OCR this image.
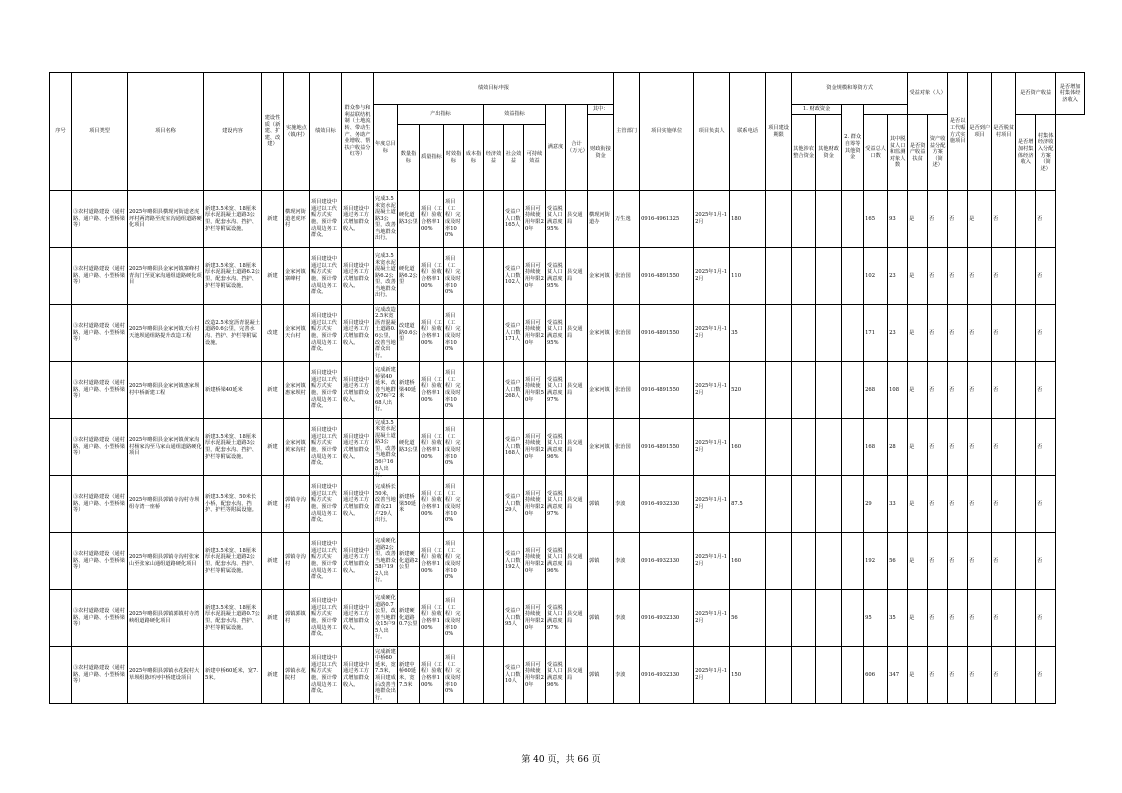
序号	项目类型	项目名称	建设内容	建设性质（新建、扩建、改建）	实施地点（镇/村）	绩效目标	群众参与和利益联结机制（土地流转、带动生产、务助产业增收、帮扶户收益分红等）	绩效目标申报											主管部门	项目实施单位	项目负责人	联系电话	项目建设期限	资金规模和筹资方式					受益对象（人）		是否以工代赈方式实施项目	是否到户项目	是否脱贫村项目	是否资产收益		是否增加村集体经济收入
								年度总目标	产出指标				效益指标			满意度	合计（万元）	其中：						1. 财政资金		2. 群众自筹等其他资金										
																		财政衔接资金						其他涉农整合资金	其他财政资金		受益总人口数	其中脱贫人口和监测对象人数	是否资产收益扶贫	资产收益分配方案（简述）				是否增加村集体经济收入	村集体经济收入分配方案（简述）	
									数量指标	质量指标	时效指标	成本指标	经济效益	社会效益	可持续效益																					

	③农村道路建设（通村路、通户路、小型桥梁等）	2025年略阳县横现河街道老虎坪村两湾路至虎室沟通组道路硬化项目	新建3.5米宽、18厘米厚水泥混凝土道路3公里，配套水沟、挡护、护栏等附属设施。	新建	横现河街道老虎坪村	项目建设中通过以工代赈方式实施，预计带动周边务工群众。	项目建设中通过务工方式增加群众收入。	完成3.5米宽水泥混凝土道路3公里，改善当地群众出行。	硬化道路3公里	项目（工程）验收合格率100%	项目（工程）完成及时率100%			受益户人口数165人	项目可持续使用年限20年	受益脱贫人口满意度95%	县交通局	横现河街道办	万生逸	0916-4961325	2025年1月-12月	180					165	93	是	否	否	是	否		否	

	③农村道路建设（通村路、通户路、小型桥梁等）	2025年略阳县金家河镇寨峰村青沟门至夏家沟通组道路硬化项目	新建3.5米宽、18厘米厚水泥混凝土道路6.2公里，配套水沟、挡护、护栏等附属设施。	新建	金家河镇寨峰村	项目建设中通过以工代赈方式实施，预计带动周边务工群众。	项目建设中通过务工方式增加群众收入。	完成3.5米宽水泥混凝土道路6.2公里，改善当地群众出行。	硬化道路6.2公里	项目（工程）验收合格率100%	项目（工程）完成及时率100%			受益户人口数102人	项目可持续使用年限20年	受益脱贫人口满意度95%	县交通局	金家河镇	张治国	0916-4891550	2025年1月-12月	110					102	23	是	否	否	否	否		否	

	③农村道路建设（通村路、通户路、小型桥梁等）	2025年略阳县金家河镇天台村天池坝通组路提升改造工程	改造2.5米宽沥青混凝土道路0.6公里，完善水沟、挡护、护栏等附属设施。	改建	金家河镇天台村	项目建设中通过以工代赈方式实施，预计带动周边务工群众。	项目建设中通过务工方式增加群众收入。	完成改造2.5米宽沥青混凝土道路0.6公里，改善当地群众出行。	改建道路0.6公里	项目（工程）验收合格率100%	项目（工程）完成及时率100%			受益户人口数171人	项目可持续使用年限20年	受益脱贫人口满意度95%	县交通局	金家河镇	张治国	0916-4891550	2025年1月-12月	35					171	23	是	否	否	否	否		否	

	③农村道路建设（通村路、通户路、小型桥梁等）	2025年略阳县金家河镇惠家坝村中桥新建工程	新建桥梁40延米	新建	金家河镇惠家坝村	项目建设中通过以工代赈方式实施，预计带动周边务工群众。	项目建设中通过务工方式增加群众收入。	完成新建桥梁40延米，改善当地群众76户268人出行。	新建桥梁40延米	项目（工程）验收合格率100%	项目（工程）完成及时率100%			受益户人口数268人	项目可持续使用年限50年	受益脱贫人口满意度97%	县交通局	金家河镇	张治国	0916-4891550	2025年1月-12月	520					268	108	是	否	否	否	否		否	

	③农村道路建设（通村路、通户路、小型桥梁等）	2025年略阳县金家河镇黄家沟村杨家沟至马家山通组道路硬化项目	新建3.5米宽、18厘米厚水泥混凝土道路3公里，配套水沟、挡护、护栏等附属设施。	新建	金家河镇黄家沟村	项目建设中通过以工代赈方式实施，预计带动周边务工群众。	项目建设中通过务工方式增加群众收入。	完成3.5米宽水泥混凝土道路3公里，改善当地群众56户168人出行。	硬化道路3公里	项目（工程）验收合格率100%	项目（工程）完成及时率100%			受益户人口数168人	项目可持续使用年限20年	受益脱贫人口满意度96%	县交通局	金家河镇	张治国	0916-4891550	2025年1月-12月	160					168	28	是	否	否	否	否		否	

	③农村道路建设（通村路、通户路、小型桥梁等）	2025年略阳县郭镇寺沟村寺坝组寺湾一座桥	新建3.5米宽、50米长小桥，配套水沟、挡护、护栏等附属设施。	新建	郭镇寺沟村	项目建设中通过以工代赈方式实施，预计带动周边务工群众。	项目建设中通过务工方式增加群众收入。	完成桥长50米，改善当地群众21户29人出行。	新建桥梁50延米	项目（工程）验收合格率100%	项目（工程）完成及时率100%			受益户人口数29人	项目可持续使用年限20年	受益脱贫人口满意度97%	县交通局	郭镇	李波	0916-4932330	2025年1月-12月	87.5					29	33	是	否	否	否	否		否	

	③农村道路建设（通村路、通户路、小型桥梁等）	2025年略阳县郭镇寺沟村张家山至张家山通组道路硬化项目	新建3.5米宽、18厘米厚水泥混凝土道路2公里，配套水沟、挡护、护栏等附属设施。	新建	郭镇寺沟村	项目建设中通过以工代赈方式实施，预计带动周边务工群众。	项目建设中通过务工方式增加群众收入。	完成硬化道路2公里，改善当地群众58户192人出行。	新建硬化道路2公里	项目（工程）验收合格率100%	项目（工程）完成及时率100%			受益户人口数192人	项目可持续使用年限20年	受益脱贫人口满意度96%	县交通局	郭镇	李波	0916-4932330	2025年1月-12月	160					192	56	是	否	否	否	否		否	

	③农村道路建设（通村路、通户路、小型桥梁等）	2025年略阳县郭镇郭镇村寺湾峡组道路硬化项目	新建3.5米宽、18厘米厚水泥混凝土道路0.7公里，配套水沟、挡护、护栏等附属设施。	新建	郭镇郭镇村	项目建设中通过以工代赈方式实施，预计带动周边务工群众。	项目建设中通过务工方式增加群众收入。	完成硬化道路0.7公里，改善当地群众15户95人出行。	新建硬化道路0.7公里	项目（工程）验收合格率100%	项目（工程）完成及时率100%			受益户人口数95人	项目可持续使用年限20年	受益脱贫人口满意度97%	县交通局	郭镇	李波	0916-4932330	2025年1月-12月	56					95	35	是	否	否	否	否		否	

	③农村道路建设（通村路、通户路、小型桥梁等）	2025年略阳县郭镇水花院村大草坝组陈坪河中桥建设项目	新建中桥60延米，宽7.5米。	新建	郭镇水花院村	项目建设中通过以工代赈方式实施，预计带动周边务工群众。	项目建设中通过务工方式增加群众收入。	完成新建中桥60延米，宽7.5米，项目建成后改善当地群众出行。	新建中桥60延米，宽7.5米	项目（工程）验收合格率100%	项目（工程）完成及时率100%			受益户人口数10人	项目可持续使用年限20年	受益脱贫人口满意度96%	县交通局	郭镇	李波	0916-4932330	2025年1月-12月	150					606	347	是	否	否	否	否		否	
第 40 页，共 66 页
